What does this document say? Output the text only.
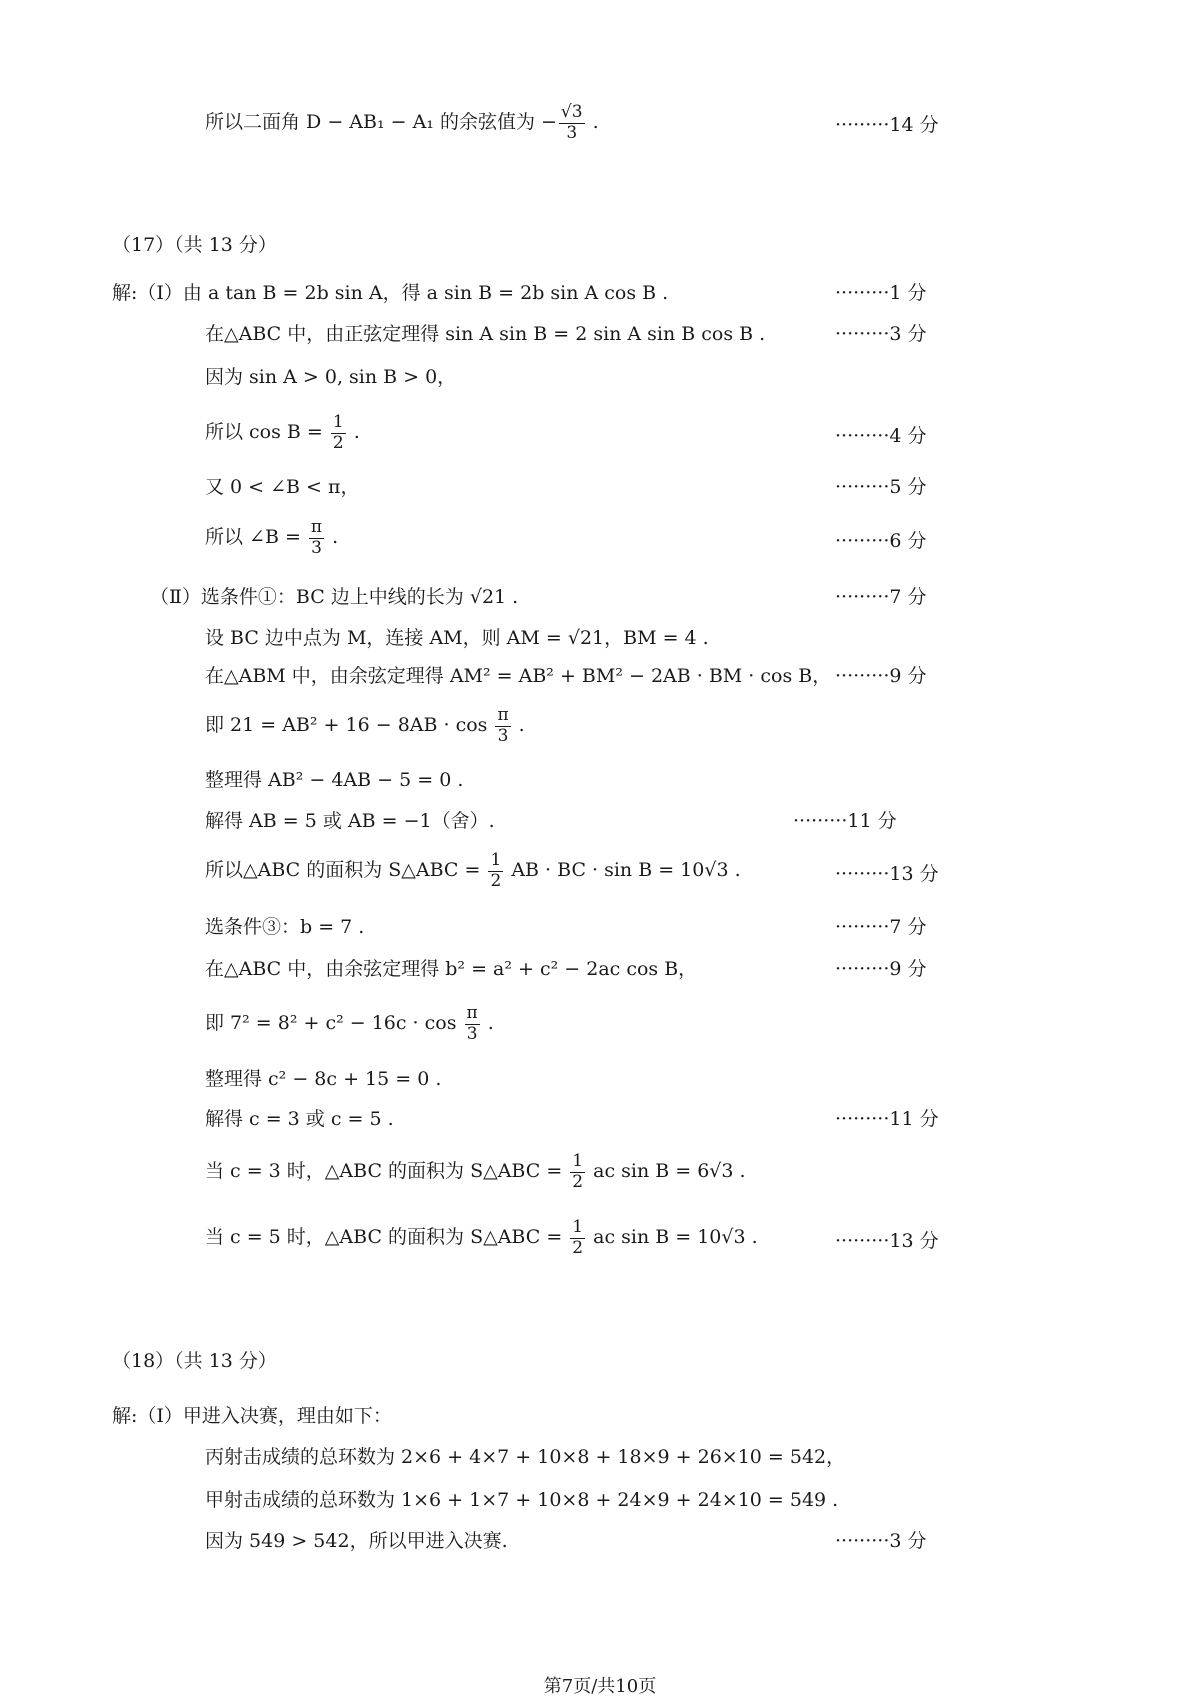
所以二面角 D − AB₁ − A₁ 的余弦值为 − $\frac{√3}{3}$ .	·········14 分
（17）（共 13 分）
解:（Ⅰ）由 a tan B = 2b sin A，得 a sin B = 2b sin A cos B .	·········1 分
在△ABC 中，由正弦定理得 sin A sin B = 2 sin A sin B cos B .	·········3 分
因为 sin A > 0, sin B > 0，
所以 $\cos B = \frac{1}{2}$ .	·········4 分
又 0 < ∠B < π，	·········5 分
所以 ∠B = $\frac{\pi}{3}$ .	·········6 分
（Ⅱ）选条件①：BC 边上中线的长为 √21 .	·········7 分
设 BC 边中点为 M，连接 AM，则 AM = √21，BM = 4 .
在△ABM 中，由余弦定理得 AM² = AB² + BM² − 2AB · BM · cos B， ·········9 分
即 $21 = AB^2 + 16 - 8AB \cdot \cos \frac{\pi}{3}$ .
整理得 AB² − 4AB − 5 = 0 .
解得 AB = 5 或 AB = −1（舍）.	·········11 分
所以△ABC 的面积为 S△ABC = $\frac{1}{2}$ AB · BC · sin B = 10√3 .	·········13 分
选条件③：b = 7 .	·········7 分
在△ABC 中，由余弦定理得 b² = a² + c² − 2ac cos B，	·········9 分
即 $7^2 = 8^2 + c^2 - 16c \cdot \cos \frac{\pi}{3}$ .
整理得 c² − 8c + 15 = 0 .
解得 c = 3 或 c = 5 .	·········11 分
当 c = 3 时，△ABC 的面积为 S△ABC = $\frac{1}{2}$ ac sin B = 6√3 .
当 c = 5 时，△ABC 的面积为 S△ABC = $\frac{1}{2}$ ac sin B = 10√3 .	·········13 分
（18）（共 13 分）
解:（Ⅰ）甲进入决赛，理由如下：
丙射击成绩的总环数为 2×6 + 4×7 + 10×8 + 18×9 + 26×10 = 542，
甲射击成绩的总环数为 1×6 + 1×7 + 10×8 + 24×9 + 24×10 = 549 .
因为 549 > 542，所以甲进入决赛.	·········3 分
第7页/共10页
